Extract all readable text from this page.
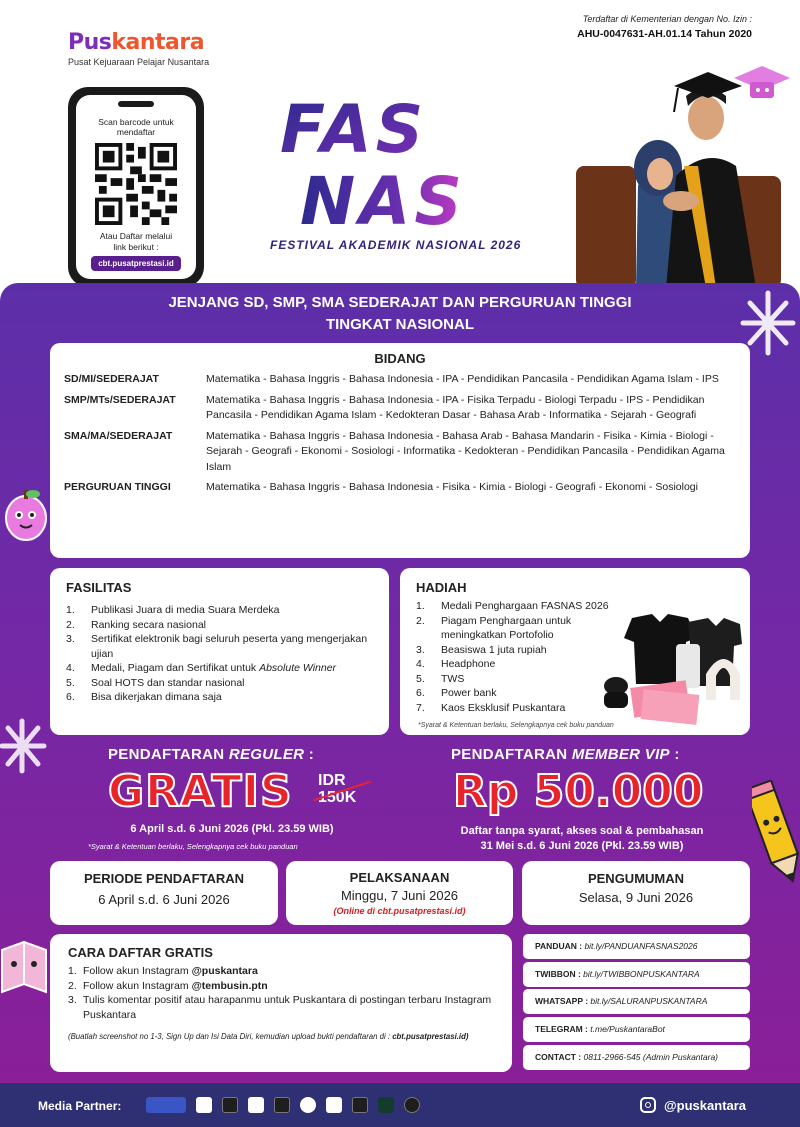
Puskantara
Pusat Kejuaraan Pelajar Nusantara
Terdaftar di Kementerian dengan No. Izin :
AHU-0047631-AH.01.14 Tahun 2020
Scan barcode untuk mendaftar
Atau Daftar melalui link berikut :
cbt.pusatprestasi.id
FAS
NAS
FESTIVAL AKADEMIK NASIONAL 2026
JENJANG SD, SMP, SMA SEDERAJAT DAN PERGURUAN TINGGI
TINGKAT NASIONAL
BIDANG
SD/MI/SEDERAJAT	Matematika - Bahasa Inggris - Bahasa Indonesia - IPA - Pendidikan Pancasila - Pendidikan Agama Islam - IPS
SMP/MTs/SEDERAJAT	Matematika - Bahasa Inggris - Bahasa Indonesia - IPA - Fisika Terpadu - Biologi Terpadu - IPS - Pendidikan Pancasila - Pendidikan Agama Islam - Kedokteran Dasar - Bahasa Arab - Informatika - Sejarah - Geografi
SMA/MA/SEDERAJAT	Matematika - Bahasa Inggris - Bahasa Indonesia - Bahasa Arab - Bahasa Mandarin - Fisika - Kimia - Biologi - Sejarah - Geografi - Ekonomi - Sosiologi - Informatika - Kedokteran - Pendidikan Pancasila - Pendidikan Agama Islam
PERGURUAN TINGGI	Matematika - Bahasa Inggris - Bahasa Indonesia - Fisika - Kimia - Biologi - Geografi - Ekonomi - Sosiologi
FASILITAS
1.	Publikasi Juara di media Suara Merdeka
2.	Ranking secara nasional
3.	Sertifikat elektronik bagi seluruh peserta yang mengerjakan ujian
4.	Medali, Piagam dan Sertifikat untuk Absolute Winner
5.	Soal HOTS dan standar nasional
6.	Bisa dikerjakan dimana saja
HADIAH
1.	Medali Penghargaan FASNAS 2026
2.	Piagam Penghargaan untuk meningkatkan Portofolio
3.	Beasiswa 1 juta rupiah
4.	Headphone
5.	TWS
6.	Power bank
7.	Kaos Eksklusif Puskantara
*Syarat & Ketentuan berlaku, Selengkapnya cek buku panduan
PENDAFTARAN REGULER :
GRATIS IDR
150K
6 April s.d. 6 Juni 2026 (Pkl. 23.59 WIB)
*Syarat & Ketentuan berlaku, Selengkapnya cek buku panduan
PENDAFTARAN MEMBER VIP :
Rp 50.000
Daftar tanpa syarat, akses soal & pembahasan
31 Mei s.d. 6 Juni 2026 (Pkl. 23.59 WIB)
PERIODE PENDAFTARAN
6 April s.d. 6 Juni 2026
PELAKSANAAN
Minggu, 7 Juni 2026
(Online di cbt.pusatprestasi.id)
PENGUMUMAN
Selasa, 9 Juni 2026
CARA DAFTAR GRATIS
1. Follow akun Instagram @puskantara
2. Follow akun Instagram @tembusin.ptn
3. Tulis komentar positif atau harapanmu untuk Puskantara di postingan terbaru Instagram Puskantara
(Buatlah screenshot no 1-3, Sign Up dan Isi Data Diri, kemudian upload bukti pendaftaran di : cbt.pusatprestasi.id)
PANDUAN : bit.ly/PANDUANFASNAS2026
TWIBBON : bit.ly/TWIBBONPUSKANTARA
WHATSAPP : bit.ly/SALURANPUSKANTARA
TELEGRAM : t.me/PuskantaraBot
CONTACT : 0811-2966-545 (Admin Puskantara)
Media Partner:	@puskantara
